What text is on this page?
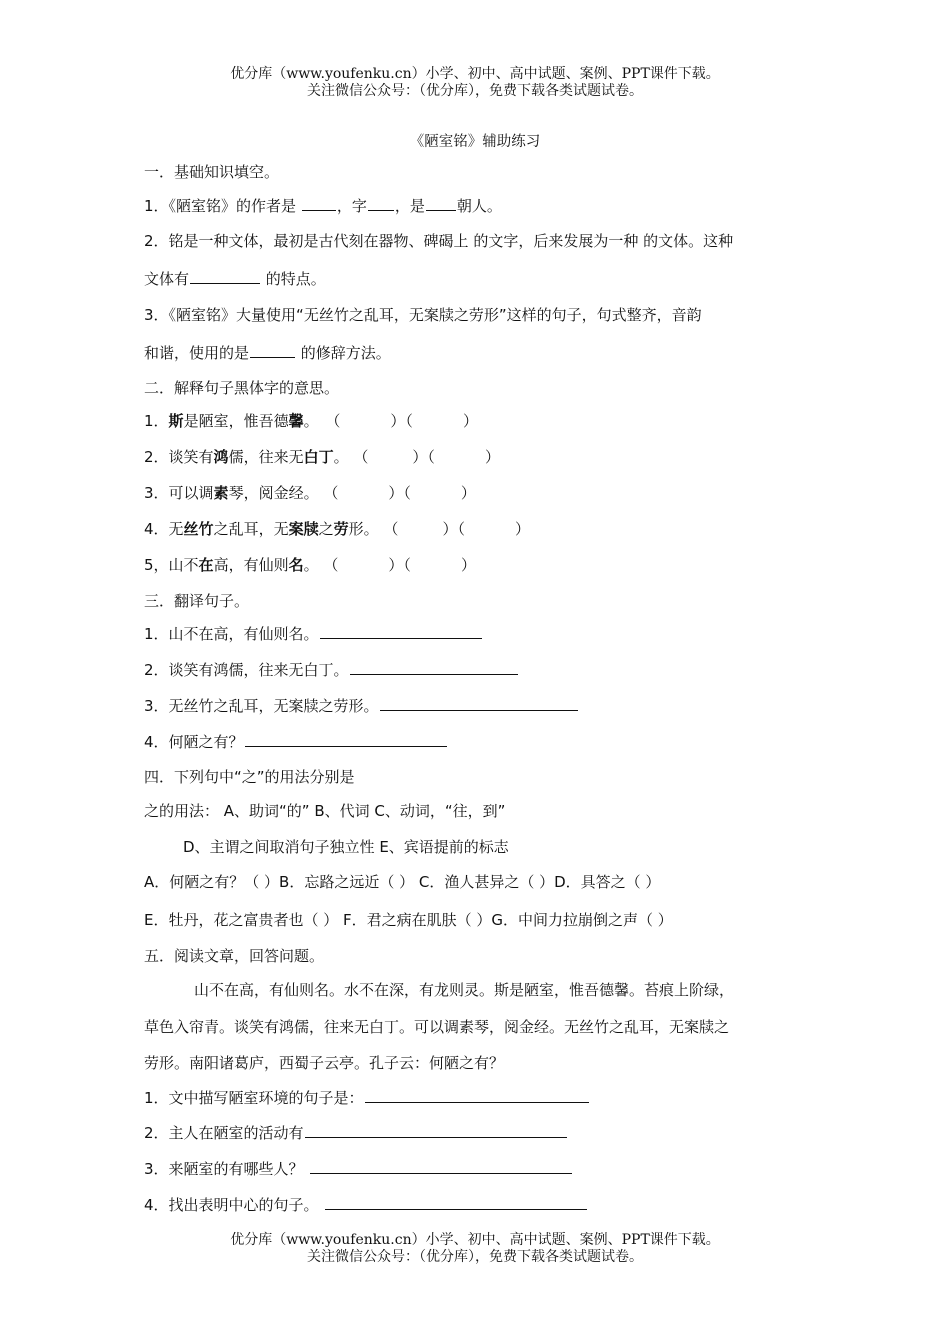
优分库（www.youfenku.cn）小学、初中、高中试题、案例、PPT课件下载。
关注微信公众号：（优分库），免费下载各类试题试卷。
《陋室铭》辅助练习
一．基础知识填空。
1．《陋室铭》的作者是	，字 ，是 朝人。
2．铭是一种文体，最初是古代刻在器物、碑碣上 的文字，后来发展为一种 的文体。这种
文体有	的特点。
3．《陋室铭》大量使用“无丝竹之乱耳，无案牍之劳形”这样的句子，句式整齐，音韵
和谐，使用的是	的修辞方法。
二．解释句子黑体字的意思。
1．斯是陋室，惟吾德馨。 （	）（	）
2．谈笑有鸿儒，往来无白丁。 （	）（	）
3．可以调素琴，阅金经。 （	）（	）
4．无丝竹之乱耳，无案牍之劳形。 （	）（	）
5，山不在高，有仙则名。 （	）（	）
三．翻译句子。
1．山不在高，有仙则名。
2．谈笑有鸿儒，往来无白丁。
3．无丝竹之乱耳，无案牍之劳形。
4．何陋之有？
四．下列句中“之”的用法分别是
之的用法： A、助词“的” B、代词 C、动词，“往，到”
D、主谓之间取消句子独立性 E、宾语提前的标志
A．何陋之有？（ ）B．忘路之远近（ ） C．渔人甚异之（ ）D．具答之（ ）
E．牡丹，花之富贵者也（ ） F．君之病在肌肤（ ）G．中间力拉崩倒之声（ ）
五．阅读文章，回答问题。
山不在高，有仙则名。水不在深，有龙则灵。斯是陋室，惟吾德馨。苔痕上阶绿，
草色入帘青。谈笑有鸿儒，往来无白丁。可以调素琴，阅金经。无丝竹之乱耳，无案牍之
劳形。南阳诸葛庐，西蜀子云亭。孔子云：何陋之有？
1．文中描写陋室环境的句子是：
2．主人在陋室的活动有
3．来陋室的有哪些人？
4．找出表明中心的句子。
优分库（www.youfenku.cn）小学、初中、高中试题、案例、PPT课件下载。
关注微信公众号：（优分库），免费下载各类试题试卷。
